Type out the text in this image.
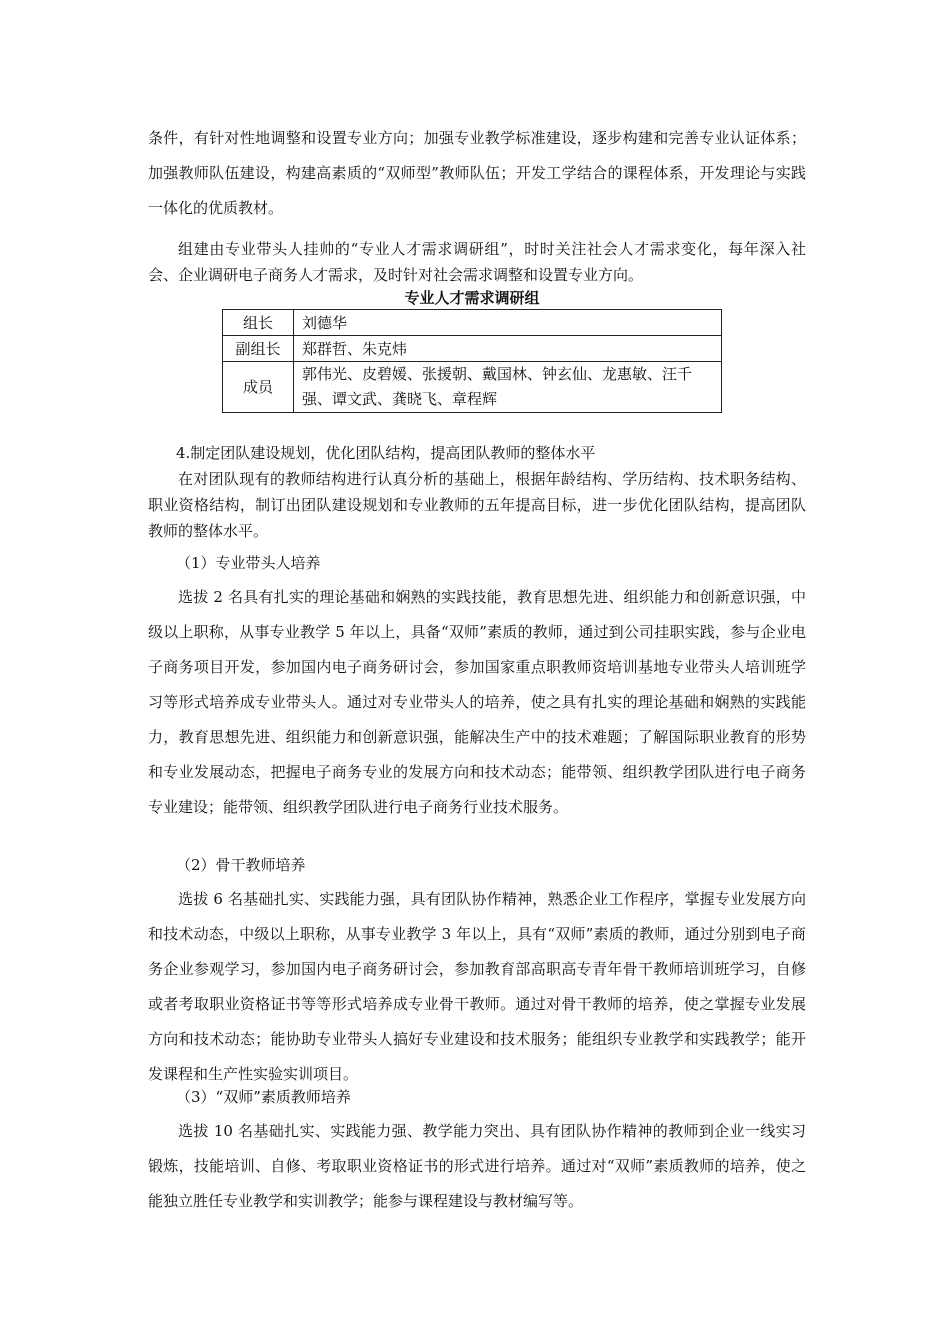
条件，有针对性地调整和设置专业方向；加强专业教学标准建设，逐步构建和完善专业认证体系；加强教师队伍建设，构建高素质的“双师型”教师队伍；开发工学结合的课程体系，开发理论与实践一体化的优质教材。

组建由专业带头人挂帅的“专业人才需求调研组”，时时关注社会人才需求变化，每年深入社会、企业调研电子商务人才需求，及时针对社会需求调整和设置专业方向。

专业人才需求调研组
组长	刘德华
副组长	郑群哲、朱克炜
成员	郭伟光、皮碧媛、张援朝、戴国林、钟玄仙、龙惠敏、汪千强、谭文武、龚晓飞、章程辉
4.制定团队建设规划，优化团队结构，提高团队教师的整体水平

在对团队现有的教师结构进行认真分析的基础上，根据年龄结构、学历结构、技术职务结构、职业资格结构，制订出团队建设规划和专业教师的五年提高目标，进一步优化团队结构，提高团队教师的整体水平。

（1）专业带头人培养

选拔 2 名具有扎实的理论基础和娴熟的实践技能，教育思想先进、组织能力和创新意识强，中级以上职称，从事专业教学 5 年以上，具备“双师”素质的教师，通过到公司挂职实践，参与企业电子商务项目开发，参加国内电子商务研讨会，参加国家重点职教师资培训基地专业带头人培训班学习等形式培养成专业带头人。通过对专业带头人的培养，使之具有扎实的理论基础和娴熟的实践能力，教育思想先进、组织能力和创新意识强，能解决生产中的技术难题；了解国际职业教育的形势和专业发展动态，把握电子商务专业的发展方向和技术动态；能带领、组织教学团队进行电子商务专业建设；能带领、组织教学团队进行电子商务行业技术服务。

（2）骨干教师培养

选拔 6 名基础扎实、实践能力强，具有团队协作精神，熟悉企业工作程序，掌握专业发展方向和技术动态，中级以上职称，从事专业教学 3 年以上，具有“双师”素质的教师，通过分别到电子商务企业参观学习，参加国内电子商务研讨会，参加教育部高职高专青年骨干教师培训班学习，自修或者考取职业资格证书等等形式培养成专业骨干教师。通过对骨干教师的培养，使之掌握专业发展方向和技术动态；能协助专业带头人搞好专业建设和技术服务；能组织专业教学和实践教学；能开发课程和生产性实验实训项目。

（3）“双师”素质教师培养

选拔 10 名基础扎实、实践能力强、教学能力突出、具有团队协作精神的教师到企业一线实习锻炼，技能培训、自修、考取职业资格证书的形式进行培养。通过对“双师”素质教师的培养，使之能独立胜任专业教学和实训教学；能参与课程建设与教材编写等。
